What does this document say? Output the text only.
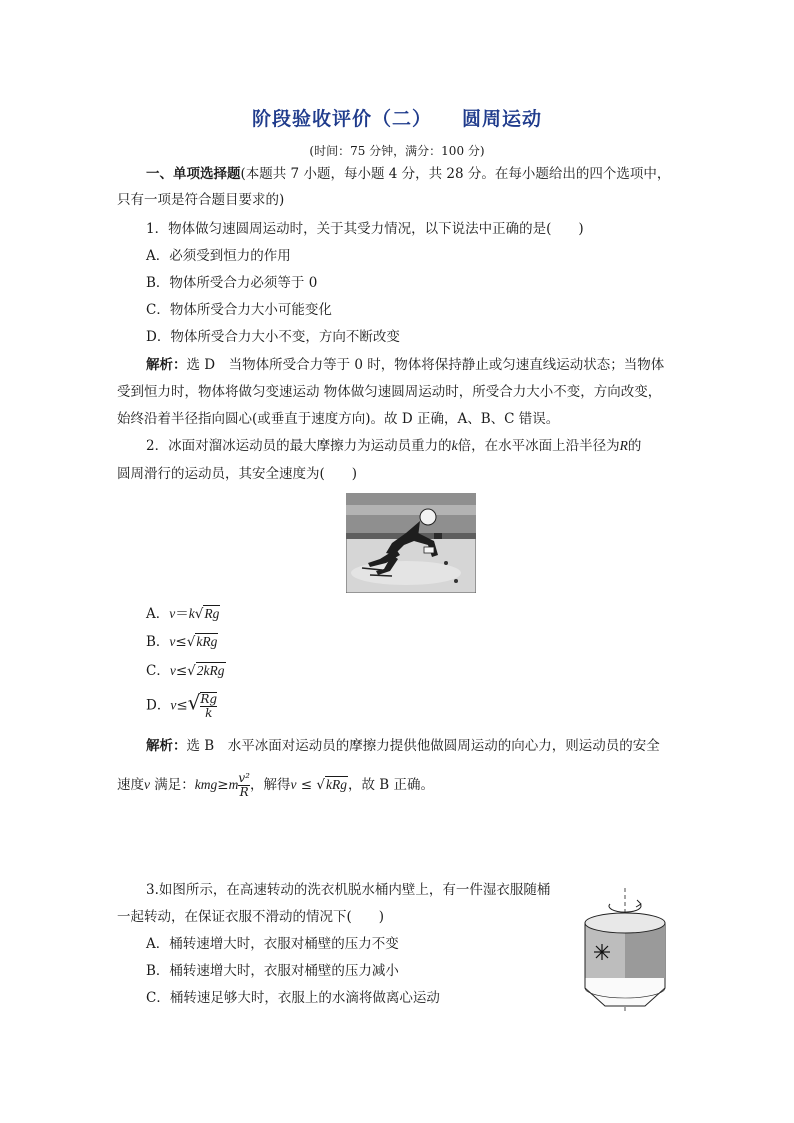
阶段验收评价（二） 圆周运动
(时间：75 分钟，满分：100 分)
一、单项选择题(本题共 7 小题，每小题 4 分，共 28 分。在每小题给出的四个选项中，
只有一项是符合题目要求的)
1．物体做匀速圆周运动时，关于其受力情况，以下说法中正确的是(　　)
A．必须受到恒力的作用
B．物体所受合力必须等于 0
C．物体所受合力大小可能变化
D．物体所受合力大小不变，方向不断改变
解析：选 D　当物体所受合力等于 0 时，物体将保持静止或匀速直线运动状态；当物体
受到恒力时，物体将做匀变速运动 物体做匀速圆周运动时，所受合力大小不变，方向改变，
始终沿着半径指向圆心(或垂直于速度方向)。故 D 正确，A、B、C 错误。
2．冰面对溜冰运动员的最大摩擦力为运动员重力的k倍，在水平冰面上沿半径为R的
圆周滑行的运动员，其安全速度为(　　)
A．v＝k√Rg
B．v≤√kRg
C．v≤√2kRg
D．$v\le√ \frac{Rg}{k}$
解析：选 B　水平冰面对运动员的摩擦力提供他做圆周运动的向心力，则运动员的安全
速度v 满足：$kmg\ge m \frac{\text{v²}}{R}$ ，解得v ≤ √kRg，故 B 正确。
3.如图所示，在高速转动的洗衣机脱水桶内壁上，有一件湿衣服随桶
一起转动，在保证衣服不滑动的情况下(　　)
A．桶转速增大时，衣服对桶壁的压力不变
B．桶转速增大时，衣服对桶壁的压力减小
C．桶转速足够大时，衣服上的水滴将做离心运动
